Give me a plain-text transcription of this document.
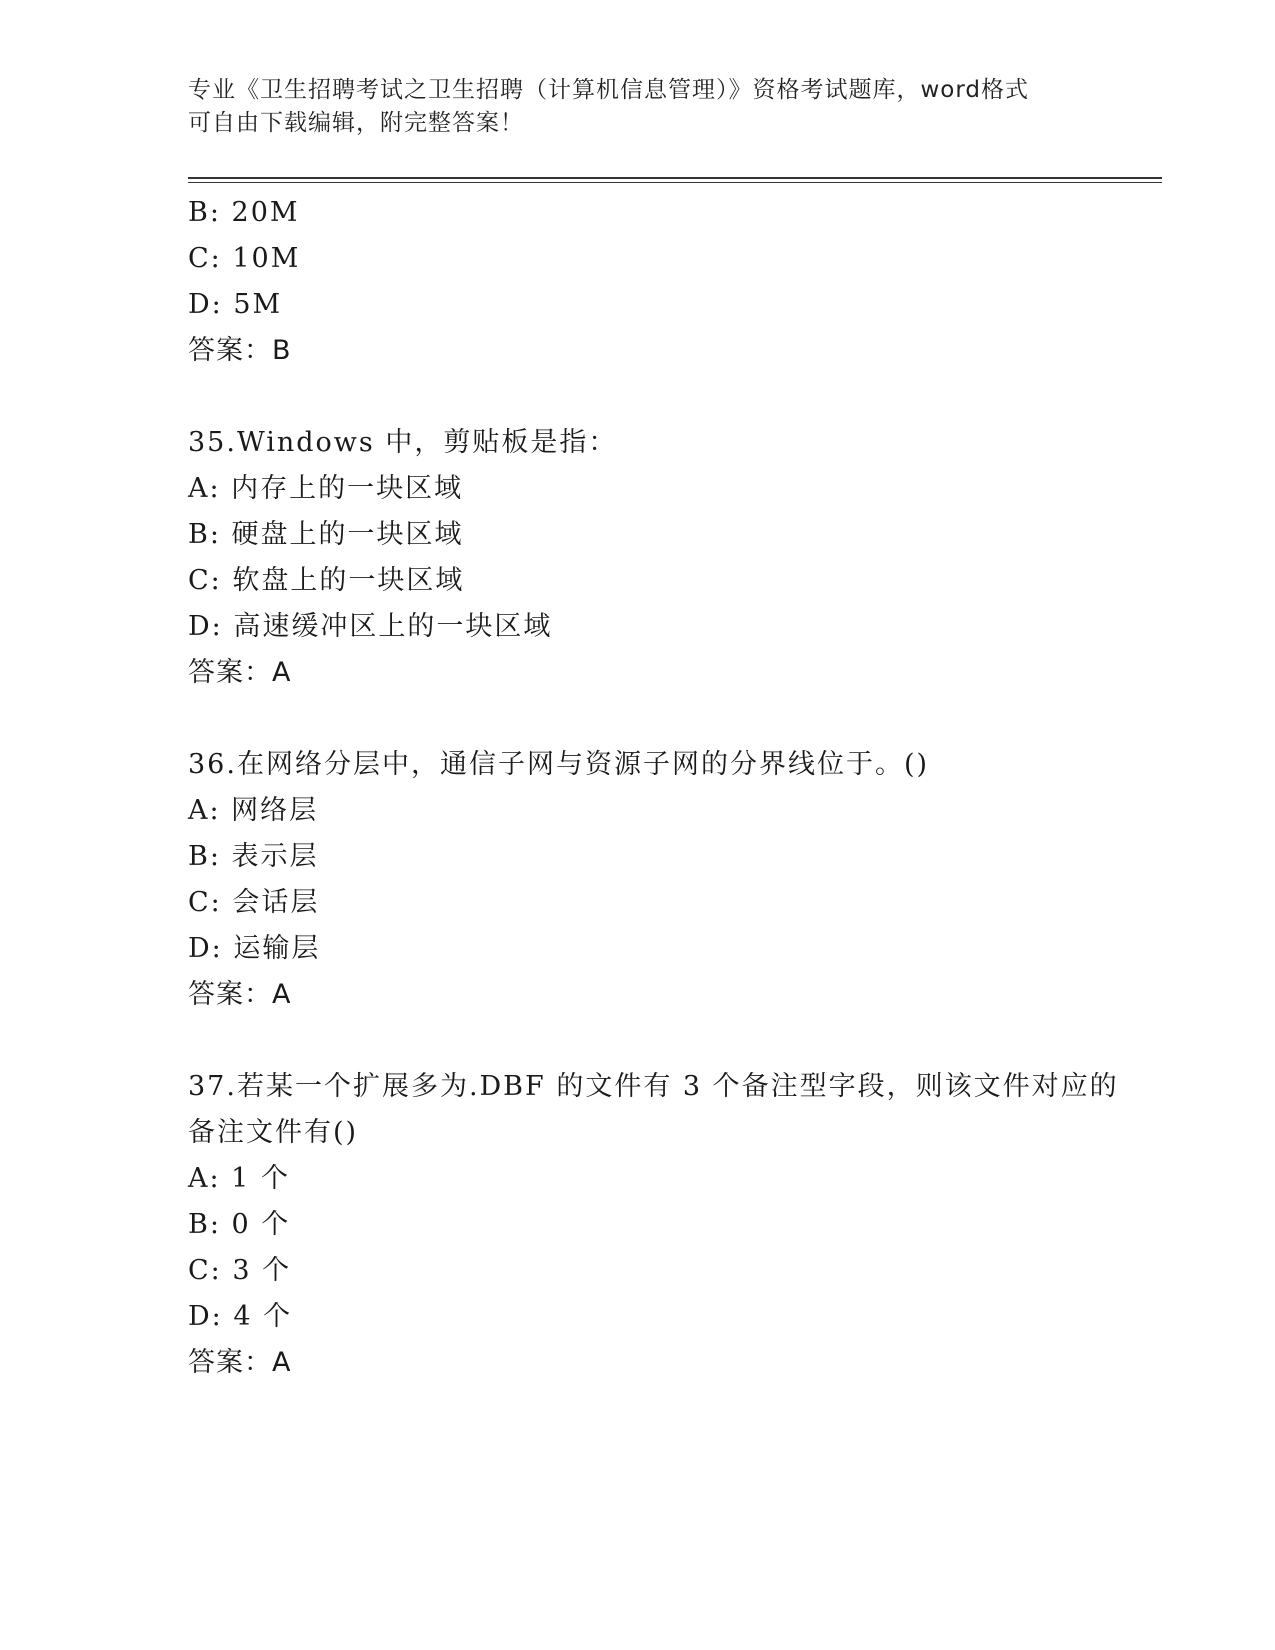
专业《卫生招聘考试之卫生招聘（计算机信息管理）》资格考试题库，word格式
可自由下载编辑，附完整答案！
B: 20M
C: 10M
D: 5M
答案：B
35.Windows 中，剪贴板是指：
A: 内存上的一块区域
B: 硬盘上的一块区域
C: 软盘上的一块区域
D: 高速缓冲区上的一块区域
答案：A
36.在网络分层中，通信子网与资源子网的分界线位于。()
A: 网络层
B: 表示层
C: 会话层
D: 运输层
答案：A
37.若某一个扩展多为.DBF 的文件有 3 个备注型字段，则该文件对应的
备注文件有()
A: 1 个
B: 0 个
C: 3 个
D: 4 个
答案：A
